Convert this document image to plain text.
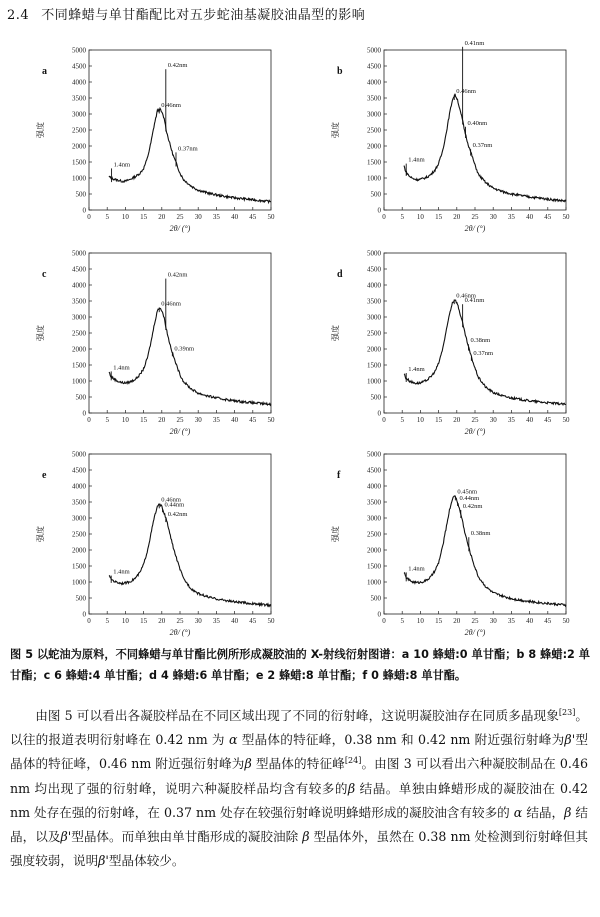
2.4 不同蜂蜡与单甘酯配比对五步蛇油基凝胶油晶型的影响
0
500
1000
1500
2000
2500
3000
3500
4000
4500
5000
0 5 10 15 20 25 30 35 40 45 50
a
强度
2θ/ (°)
1.4nm
0.46nm
0.42nm
0.37nm
0
500
1000
1500
2000
2500
3000
3500
4000
4500
5000
0 5 10 15 20 25 30 35 40 45 50
b
强度
2θ/ (°)
1.4nm
0.46nm
0.41nm
0.40nm
0.37nm
0
500
1000
1500
2000
2500
3000
3500
4000
4500
5000
0 5 10 15 20 25 30 35 40 45 50
c
强度
2θ/ (°)
1.4nm
0.46nm
0.42nm
0.39nm
0
500
1000
1500
2000
2500
3000
3500
4000
4500
5000
0 5 10 15 20 25 30 35 40 45 50
d
强度
2θ/ (°)
1.4nm
0.46nm
0.41nm
0.38nm
0.37nm
0
500
1000
1500
2000
2500
3000
3500
4000
4500
5000
0 5 10 15 20 25 30 35 40 45 50
e
强度
2θ/ (°)
1.4nm
0.46nm
0.44nm
0.42nm
0
500
1000
1500
2000
2500
3000
3500
4000
4500
5000
0 5 10 15 20 25 30 35 40 45 50
f
强度
2θ/ (°)
1.4nm
0.45nm
0.44nm
0.42nm
0.38nm
图 5 以蛇油为原料，不同蜂蜡与单甘酯比例所形成凝胶油的 X-射线衍射图谱：a 10 蜂蜡:0 单甘酯；b 8 蜂蜡:2 单甘酯；c 6 蜂蜡:4 单甘酯；d 4 蜂蜡:6 单甘酯；e 2 蜂蜡:8 单甘酯；f 0 蜂蜡:8 单甘酯。

由图 5 可以看出各凝胶样品在不同区域出现了不同的衍射峰，这说明凝胶油存在同质多晶现象[23]。以往的报道表明衍射峰在 0.42 nm 为 α 型晶体的特征峰，0.38 nm 和 0.42 nm 附近强衍射峰为β'型晶体的特征峰，0.46 nm 附近强衍射峰为β 型晶体的特征峰[24]。由图 3 可以看出六种凝胶制品在 0.46 nm 均出现了强的衍射峰，说明六种凝胶样品均含有较多的β 结晶。单独由蜂蜡形成的凝胶油在 0.42 nm 处存在强的衍射峰，在 0.37 nm 处存在较强衍射峰说明蜂蜡形成的凝胶油含有较多的 α 结晶，β 结晶，以及β'型晶体。而单独由单甘酯形成的凝胶油除 β 型晶体外，虽然在 0.38 nm 处检测到衍射峰但其强度较弱，说明β'型晶体较少。
